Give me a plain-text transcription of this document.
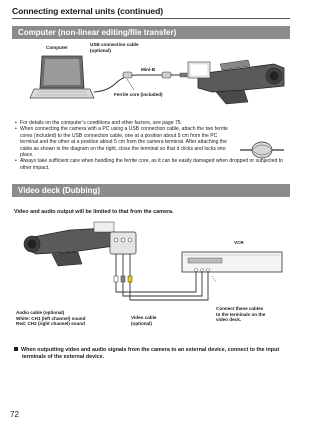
Connecting external units (continued)
Computer (non-linear editing/file transfer)
Computer
USB connection cable
(optional)
Mini-B
Ferrite core (included)

• For details on the computer’s conditions and other factors, see page 75.

• When connecting the camera with a PC using a USB connection cable, attach the two ferrite cores (included) to the USB connection cable, one at a position about 5 cm from the PC terminal and the other at a position about 5 cm from the camera terminal. After attaching the cable as shown in the diagram on the right, close the terminal so that it clicks and locks into place.

• Always take sufficient care when handling the ferrite core, as it can be easily damaged when dropped or subjected to other impact.

Video deck (Dubbing)
Video and audio output will be limited to that from the camera.
VCR
Audio cable (optional)
White: CH1 (left channel) sound
Red: CH2 (right channel) sound
Video cable
(optional)
Connect these cables
to the terminals on the
video deck.
When outputting video and audio signals from the camera to an external device, connect to the input terminals of the external device.
72
